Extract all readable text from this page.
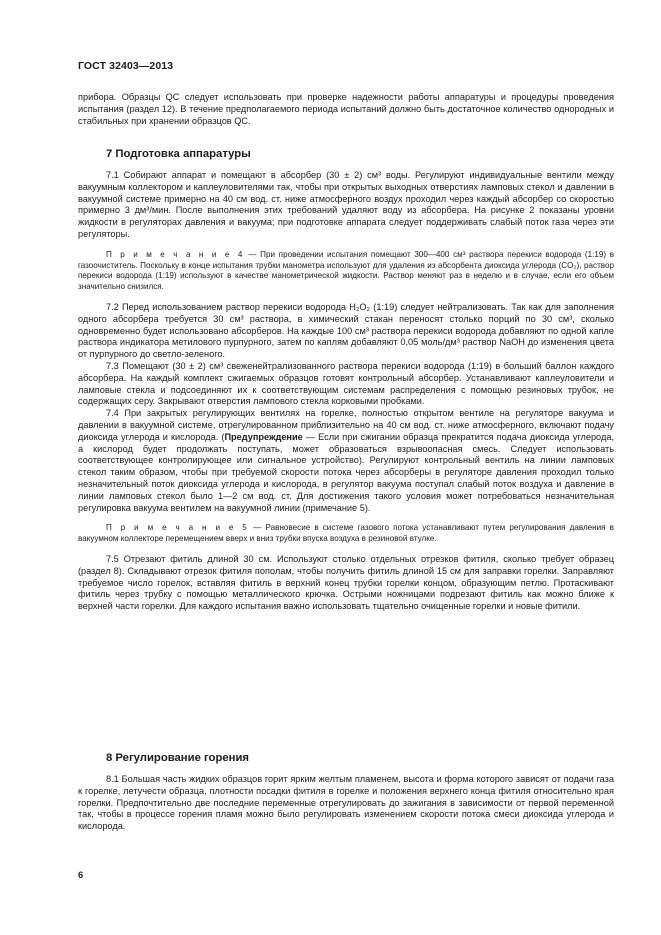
ГОСТ 32403—2013

прибора. Образцы QC следует использовать при проверке надежности работы аппаратуры и процедуры проведения испытания (раздел 12). В течение предполагаемого периода испытаний должно быть достаточное количество однородных и стабильных при хранении образцов QC.

7 Подготовка аппаратуры

7.1 Собирают аппарат и помещают в абсорбер (30 ± 2) см³ воды. Регулируют индивидуальные вентили между вакуумным коллектором и каплеуловителями так, чтобы при открытых выходных отверстиях ламповых стекол и давлении в вакуумной системе примерно на 40 см вод. ст. ниже атмосферного воздух проходил через каждый абсорбер со скоростью примерно 3 дм³/мин. После выполнения этих требований удаляют воду из абсорбера. На рисунке 2 показаны уровни жидкости в регуляторах давления и вакуума; при подготовке аппарата следует поддерживать слабый поток газа через эти регуляторы.

П р и м е ч а н и е 4 — При проведении испытания помещают 300—400 см³ раствора перекиси водорода (1:19) в газоочиститель. Поскольку в конце испытания трубки манометра используют для удаления из абсорбента диоксида углерода (CO₂), раствор перекиси водорода (1:19) используют в качестве манометрической жидкости. Раствор меняют раз в неделю и в случае, если его объем значительно снизился.

7.2 Перед использованием раствор перекиси водорода H₂O₂ (1:19) следует нейтрализовать. Так как для заполнения одного абсорбера требуется 30 см³ раствора, в химический стакан переносят столько порций по 30 см³, сколько одновременно будет использовано абсорберов. На каждые 100 см³ раствора перекиси водорода добавляют по одной капле раствора индикатора метилового пурпурного, затем по каплям добавляют 0,05 моль/дм³ раствор NaOH до изменения цвета от пурпурного до светло-зеленого.

7.3 Помещают (30 ± 2) см³ свеженейтрализованного раствора перекиси водорода (1:19) в больший баллон каждого абсорбера. На каждый комплект сжигаемых образцов готовят контрольный абсорбер. Устанавливают каплеуловители и ламповые стекла и подсоединяют их к соответствующим системам распределения с помощью резиновых трубок, не содержащих серу. Закрывают отверстия лампового стекла корковыми пробками.

7.4 При закрытых регулирующих вентилях на горелке, полностью открытом вентиле на регуляторе вакуума и давлении в вакуумной системе, отрегулированном приблизительно на 40 см вод. ст. ниже атмосферного, включают подачу диоксида углерода и кислорода. (Предупреждение — Если при сжигании образца прекратится подача диоксида углерода, а кислород будет продолжать поступать, может образоваться взрывоопасная смесь. Следует использовать соответствующее контролирующее или сигнальное устройство). Регулируют контрольный вентиль на линии ламповых стекол таким образом, чтобы при требуемой скорости потока через абсорберы в регуляторе давления проходил только незначительный поток диоксида углерода и кислорода, в регулятор вакуума поступал слабый поток воздуха и давление в линии ламповых стекол было 1—2 см вод. ст. Для достижения такого условия может потребоваться незначительная регулировка вакуума вентилем на вакуумной линии (примечание 5).

П р и м е ч а н и е 5 — Равновесие в системе газового потока устанавливают путем регулирования давления в вакуумном коллекторе перемещением вверх и вниз трубки впуска воздуха в резиновой втулке.

7.5 Отрезают фитиль длиной 30 см. Используют столько отдельных отрезков фитиля, сколько требует образец (раздел 8). Складывают отрезок фитиля пополам, чтобы получить фитиль длиной 15 см для заправки горелки. Заправляют требуемое число горелок, вставляя фитиль в верхний конец трубки горелки концом, образующим петлю. Протаскивают фитиль через трубку с помощью металлического крючка. Острыми ножницами подрезают фитиль как можно ближе к верхней части горелки. Для каждого испытания важно использовать тщательно очищенные горелки и новые фитили.

8 Регулирование горения

8.1 Большая часть жидких образцов горит ярким желтым пламенем, высота и форма которого зависят от подачи газа к горелке, летучести образца, плотности посадки фитиля в горелке и положения верхнего конца фитиля относительно края горелки. Предпочтительно две последние переменные отрегулировать до зажигания в зависимости от первой переменной так, чтобы в процессе горения пламя можно было регулировать изменением скорости потока смеси диоксида углерода и кислорода.

6
